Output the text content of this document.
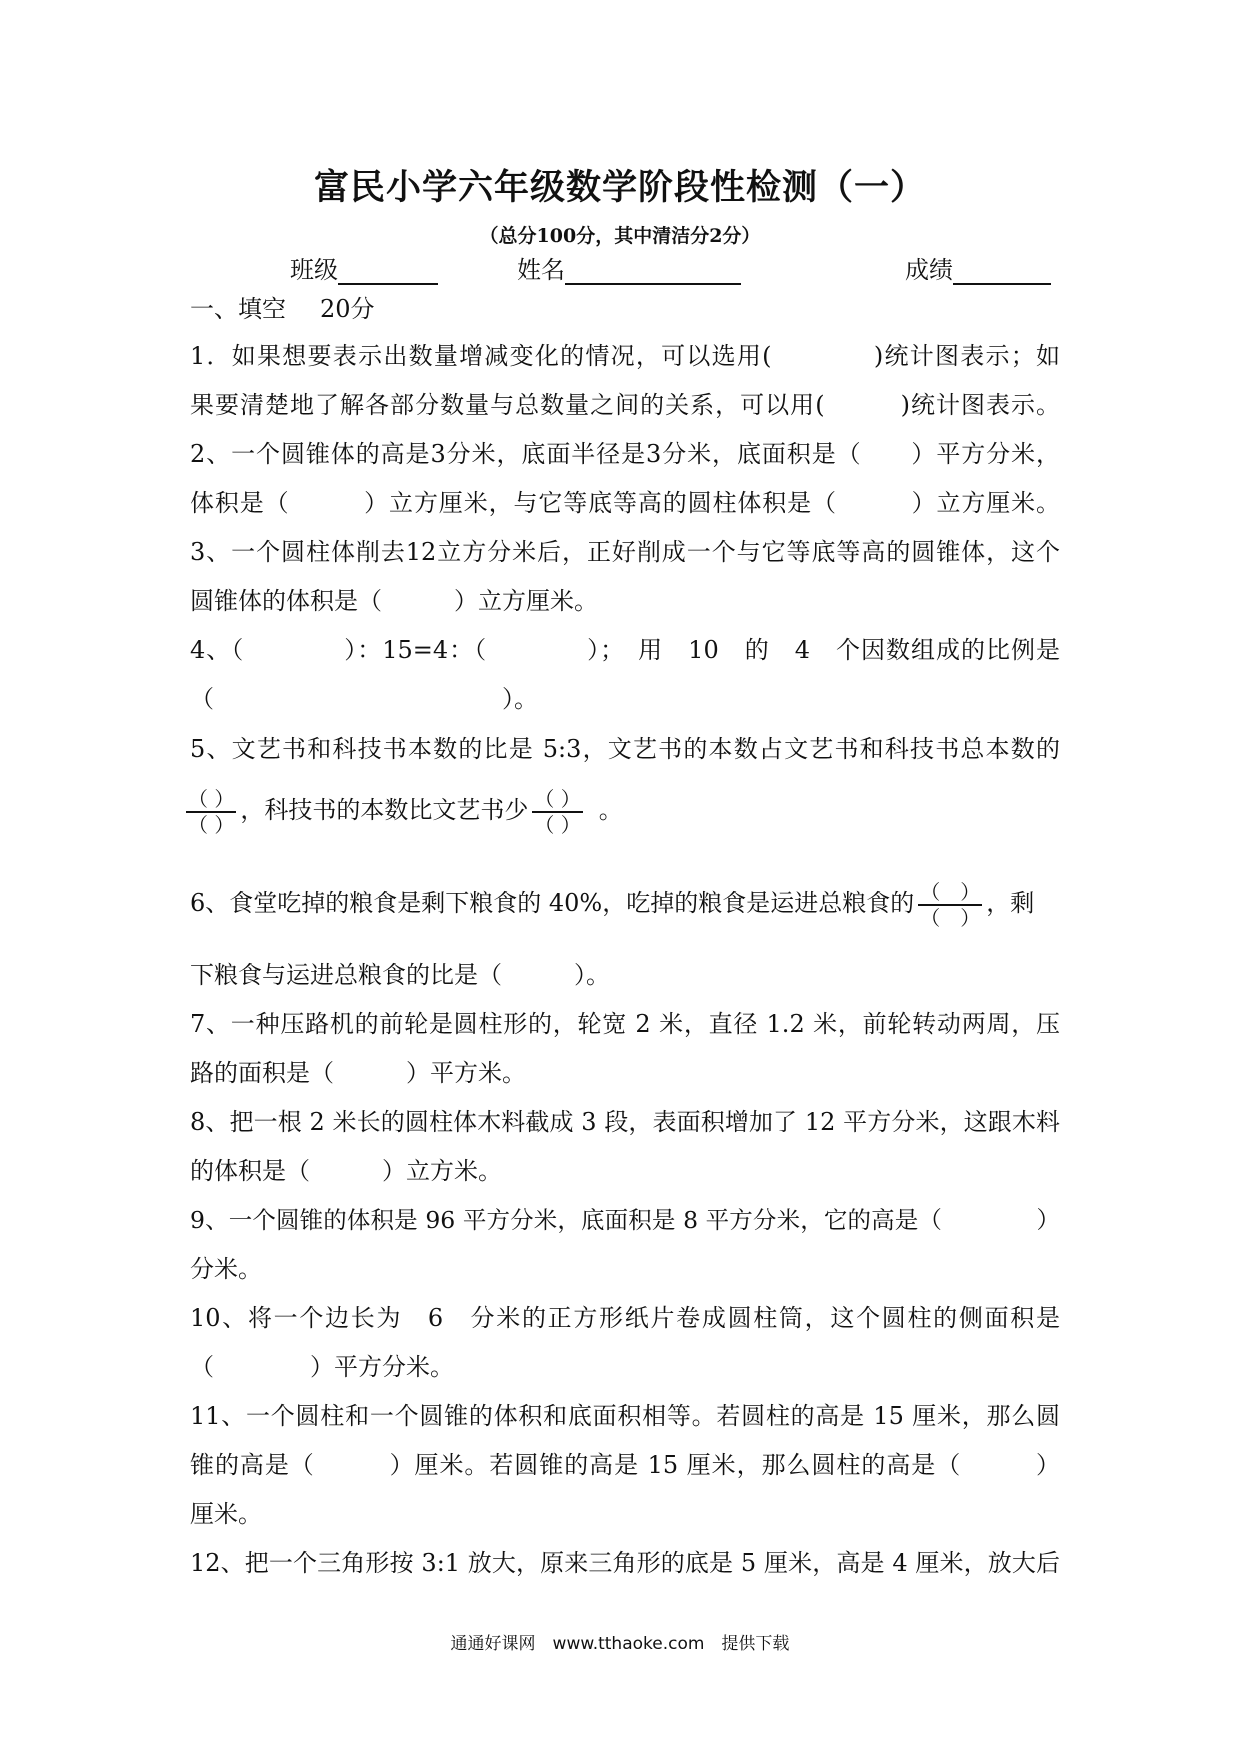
富民小学六年级数学阶段性检测（一）
（总分100分，其中清洁分2分）
班级	姓名	成绩
一、填空 20分
1．如果想要表示出数量增减变化的情况，可以选用(　　　　)统计图表示；如
果要清楚地了解各部分数量与总数量之间的关系，可以用(　　　)统计图表示。
2、一个圆锥体的高是3分米，底面半径是3分米，底面积是（　　）平方分米，
体积是（　　　）立方厘米，与它等底等高的圆柱体积是（　　　）立方厘米。
3、一个圆柱体削去12立方分米后，正好削成一个与它等底等高的圆锥体，这个
圆锥体的体积是（　　　）立方厘米。
4、（　　　　）：15=4：（　　　　）；　用　10　的　4　个因数组成的比例是
（　　　　　　　　　　　　）。
5、文艺书和科技书本数的比是 5:3，文艺书的本数占文艺书和科技书总本数的
$\frac{( )}{( )}$ ，科技书的本数比文艺书少 $\frac{( )}{( )}$ 。
6、食堂吃掉的粮食是剩下粮食的 40%，吃掉的粮食是运进总粮食的 $\frac{( )}{( )}$ ，剩
下粮食与运进总粮食的比是（　　　）。
7、一种压路机的前轮是圆柱形的，轮宽 2 米，直径 1.2 米，前轮转动两周，压
路的面积是（　　　）平方米。
8、把一根 2 米长的圆柱体木料截成 3 段，表面积增加了 12 平方分米，这跟木料
的体积是（　　　）立方米。
9、一个圆锥的体积是 96 平方分米，底面积是 8 平方分米，它的高是（　　　　）
分米。
10、将一个边长为　6　分米的正方形纸片卷成圆柱筒，这个圆柱的侧面积是
（　　　　）平方分米。
11、一个圆柱和一个圆锥的体积和底面积相等。若圆柱的高是 15 厘米，那么圆
锥的高是（　　　）厘米。若圆锥的高是 15 厘米，那么圆柱的高是（　　　）
厘米。
12、把一个三角形按 3:1 放大，原来三角形的底是 5 厘米，高是 4 厘米，放大后
通通好课网　www.tthaoke.com　提供下载
